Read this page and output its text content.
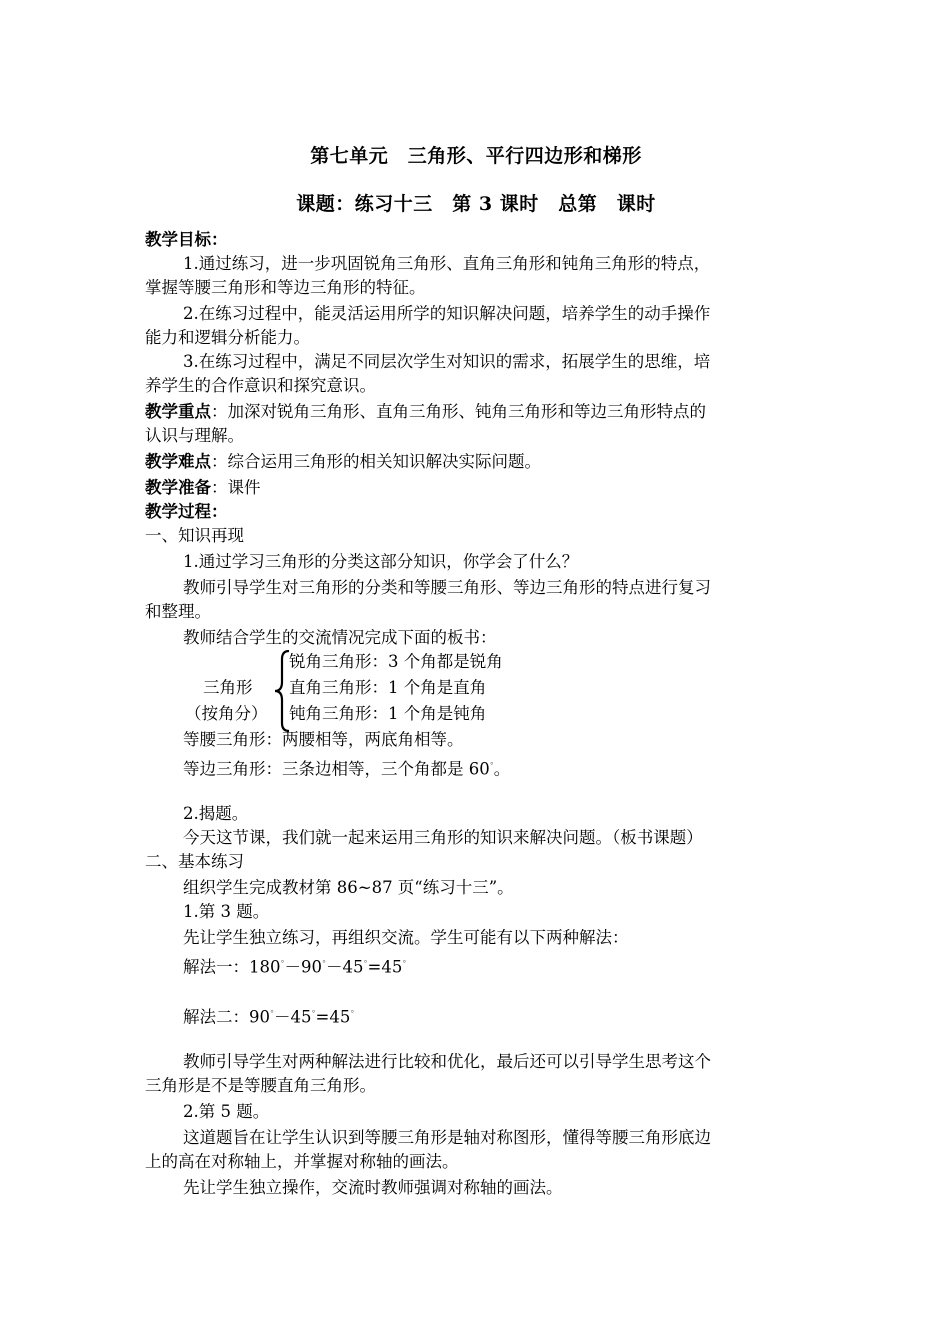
第七单元　三角形、平行四边形和梯形
课题：练习十三　第 3 课时　总第　课时
教学目标：
1.通过练习，进一步巩固锐角三角形、直角三角形和钝角三角形的特点，
掌握等腰三角形和等边三角形的特征。
2.在练习过程中，能灵活运用所学的知识解决问题，培养学生的动手操作
能力和逻辑分析能力。
3.在练习过程中，满足不同层次学生对知识的需求，拓展学生的思维，培
养学生的合作意识和探究意识。
教学重点：加深对锐角三角形、直角三角形、钝角三角形和等边三角形特点的
认识与理解。
教学难点：综合运用三角形的相关知识解决实际问题。
教学准备：课件
教学过程：
一、知识再现
1.通过学习三角形的分类这部分知识，你学会了什么？
教师引导学生对三角形的分类和等腰三角形、等边三角形的特点进行复习
和整理。
教师结合学生的交流情况完成下面的板书：
三角形
（按角分）
锐角三角形：3 个角都是锐角
直角三角形：1 个角是直角
钝角三角形：1 个角是钝角
等腰三角形：两腰相等，两底角相等。
等边三角形：三条边相等，三个角都是 60°。
2.揭题。
今天这节课，我们就一起来运用三角形的知识来解决问题。（板书课题）
二、基本练习
组织学生完成教材第 86~87 页“练习十三”。
1.第 3 题。
先让学生独立练习，再组织交流。学生可能有以下两种解法：
解法一：180°－90°－45°=45°
解法二：90°－45°=45°
教师引导学生对两种解法进行比较和优化，最后还可以引导学生思考这个
三角形是不是等腰直角三角形。
2.第 5 题。
这道题旨在让学生认识到等腰三角形是轴对称图形，懂得等腰三角形底边
上的高在对称轴上，并掌握对称轴的画法。
先让学生独立操作，交流时教师强调对称轴的画法。
